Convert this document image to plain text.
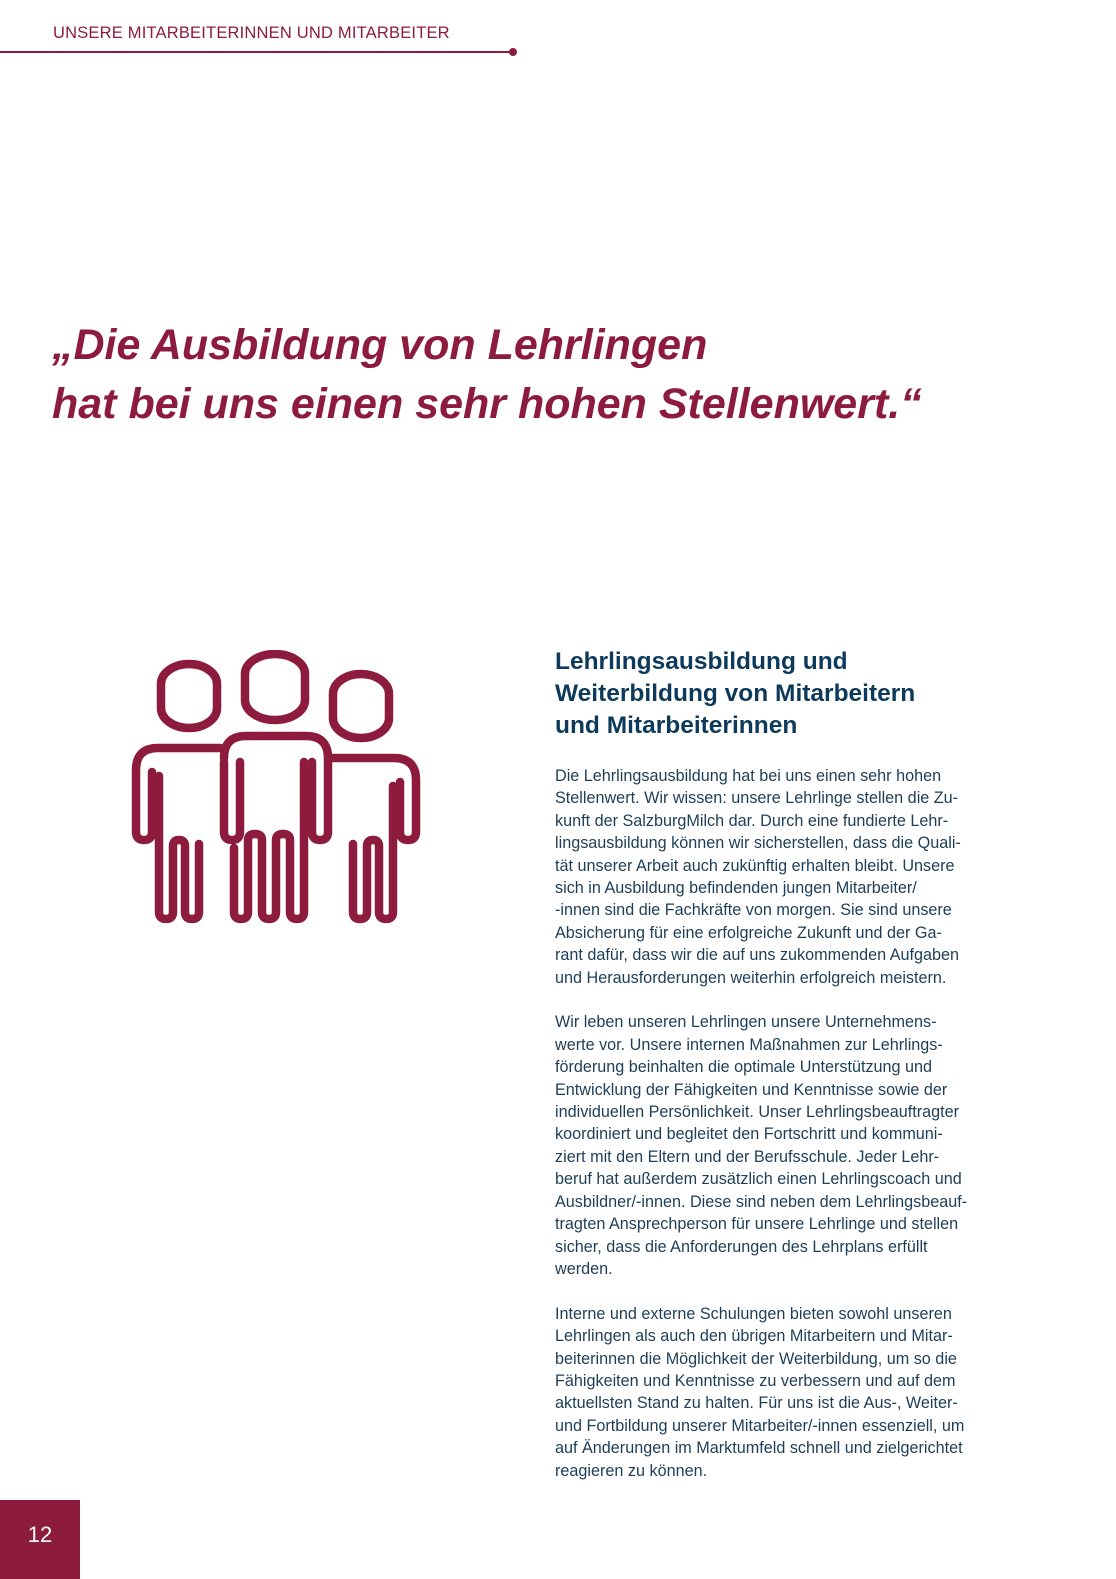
UNSERE MITARBEITERINNEN UND MITARBEITER
„Die Ausbildung von Lehrlingen
hat bei uns einen sehr hohen Stellenwert.“
Lehrlingsausbildung und
Weiterbildung von Mitarbeitern
und Mitarbeiterinnen

Die Lehrlingsausbildung hat bei uns einen sehr hohen
Stellenwert. Wir wissen: unsere Lehrlinge stellen die Zu-
kunft der SalzburgMilch dar. Durch eine fundierte Lehr-
lingsausbildung können wir sicherstellen, dass die Quali-
tät unserer Arbeit auch zukünftig erhalten bleibt. Unsere
sich in Ausbildung befindenden jungen Mitarbeiter/
-innen sind die Fachkräfte von morgen. Sie sind unsere
Absicherung für eine erfolgreiche Zukunft und der Ga-
rant dafür, dass wir die auf uns zukommenden Aufgaben
und Herausforderungen weiterhin erfolgreich meistern.

Wir leben unseren Lehrlingen unsere Unternehmens-
werte vor. Unsere internen Maßnahmen zur Lehrlings-
förderung beinhalten die optimale Unterstützung und
Entwicklung der Fähigkeiten und Kenntnisse sowie der
individuellen Persönlichkeit. Unser Lehrlingsbeauftragter
koordiniert und begleitet den Fortschritt und kommuni-
ziert mit den Eltern und der Berufsschule. Jeder Lehr-
beruf hat außerdem zusätzlich einen Lehrlingscoach und
Ausbildner/-innen. Diese sind neben dem Lehrlingsbeauf-
tragten Ansprechperson für unsere Lehrlinge und stellen
sicher, dass die Anforderungen des Lehrplans erfüllt
werden.

Interne und externe Schulungen bieten sowohl unseren
Lehrlingen als auch den übrigen Mitarbeitern und Mitar-
beiterinnen die Möglichkeit der Weiterbildung, um so die
Fähigkeiten und Kenntnisse zu verbessern und auf dem
aktuellsten Stand zu halten. Für uns ist die Aus-, Weiter-
und Fortbildung unserer Mitarbeiter/-innen essenziell, um
auf Änderungen im Marktumfeld schnell und zielgerichtet
reagieren zu können.

12
